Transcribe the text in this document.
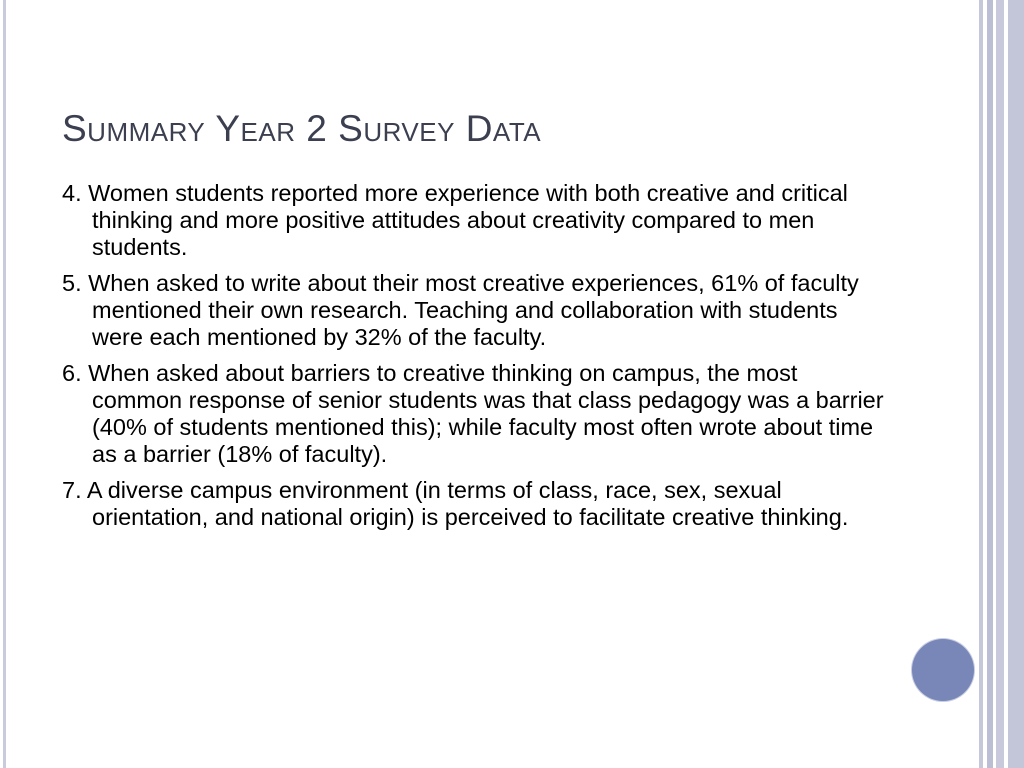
Summary Year 2 Survey Data
4. Women students reported more experience with both creative and critical thinking and more positive attitudes about creativity compared to men students.
5. When asked to write about their most creative experiences, 61% of faculty mentioned their own research. Teaching and collaboration with students were each mentioned by 32% of the faculty.
6. When asked about barriers to creative thinking on campus, the most common response of senior students was that class pedagogy was a barrier (40% of students mentioned this); while faculty most often wrote about time as a barrier (18% of faculty).
7. A diverse campus environment (in terms of class, race, sex, sexual orientation, and national origin) is perceived to facilitate creative thinking.
